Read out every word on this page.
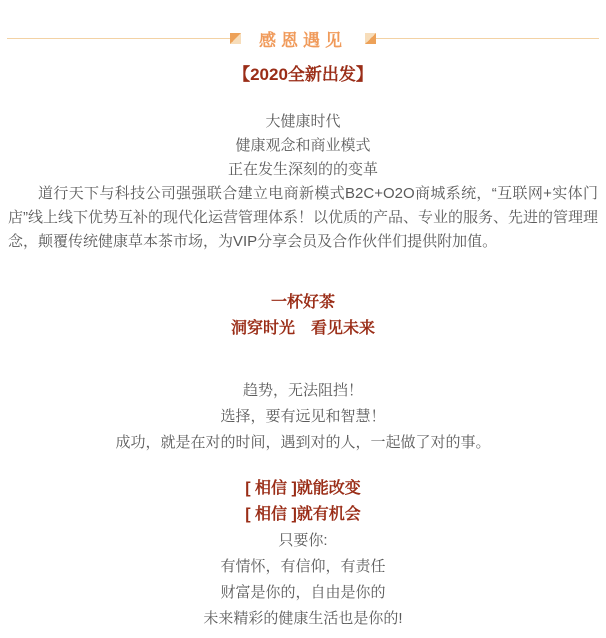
感恩遇见
【2020全新出发】

大健康时代

健康观念和商业模式

正在发生深刻的的变革

道行天下与科技公司强强联合建立电商新模式B2C+O2O商城系统，“互联网+实体门店”线上线下优势互补的现代化运营管理体系！以优质的产品、专业的服务、先进的管理理念，颠覆传统健康草本茶市场，为VIP分享会员及合作伙伴们提供附加值。

一杯好茶

洞穿时光　看见未来

趋势，无法阻挡！

选择，要有远见和智慧！

成功，就是在对的时间，遇到对的人，一起做了对的事。

[ 相信 ]就能改变

[ 相信 ]就有机会

只要你:

有情怀，有信仰，有责任

财富是你的，自由是你的

未来精彩的健康生活也是你的!
